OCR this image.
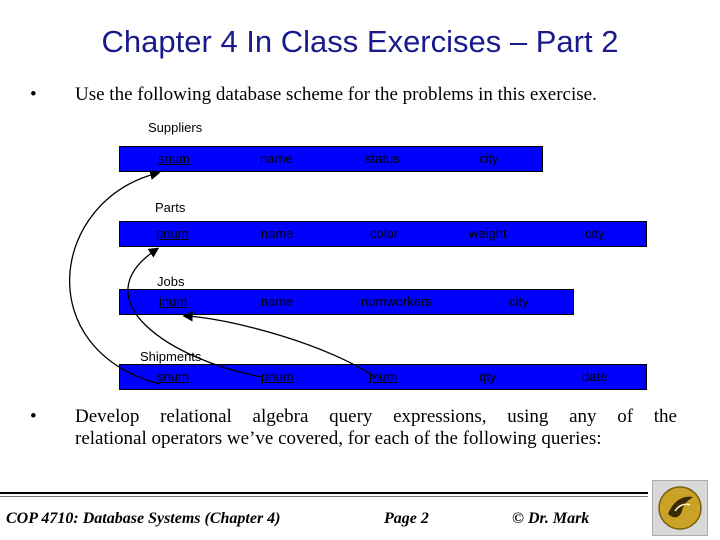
Chapter 4 In Class Exercises – Part 2
• Use the following database scheme for the problems in this exercise.
Suppliers
snum	name	status	city
Parts
pnum	name	color	weight	city
Jobs
jnum	name	numworkers	city
Shipments
snum	pnum	jnum	qty	date
• Develop relational algebra query expressions, using any of the
relational operators we’ve covered, for each of the following queries:
COP 4710: Database Systems (Chapter 4)	Page 2	© Dr. Mark
